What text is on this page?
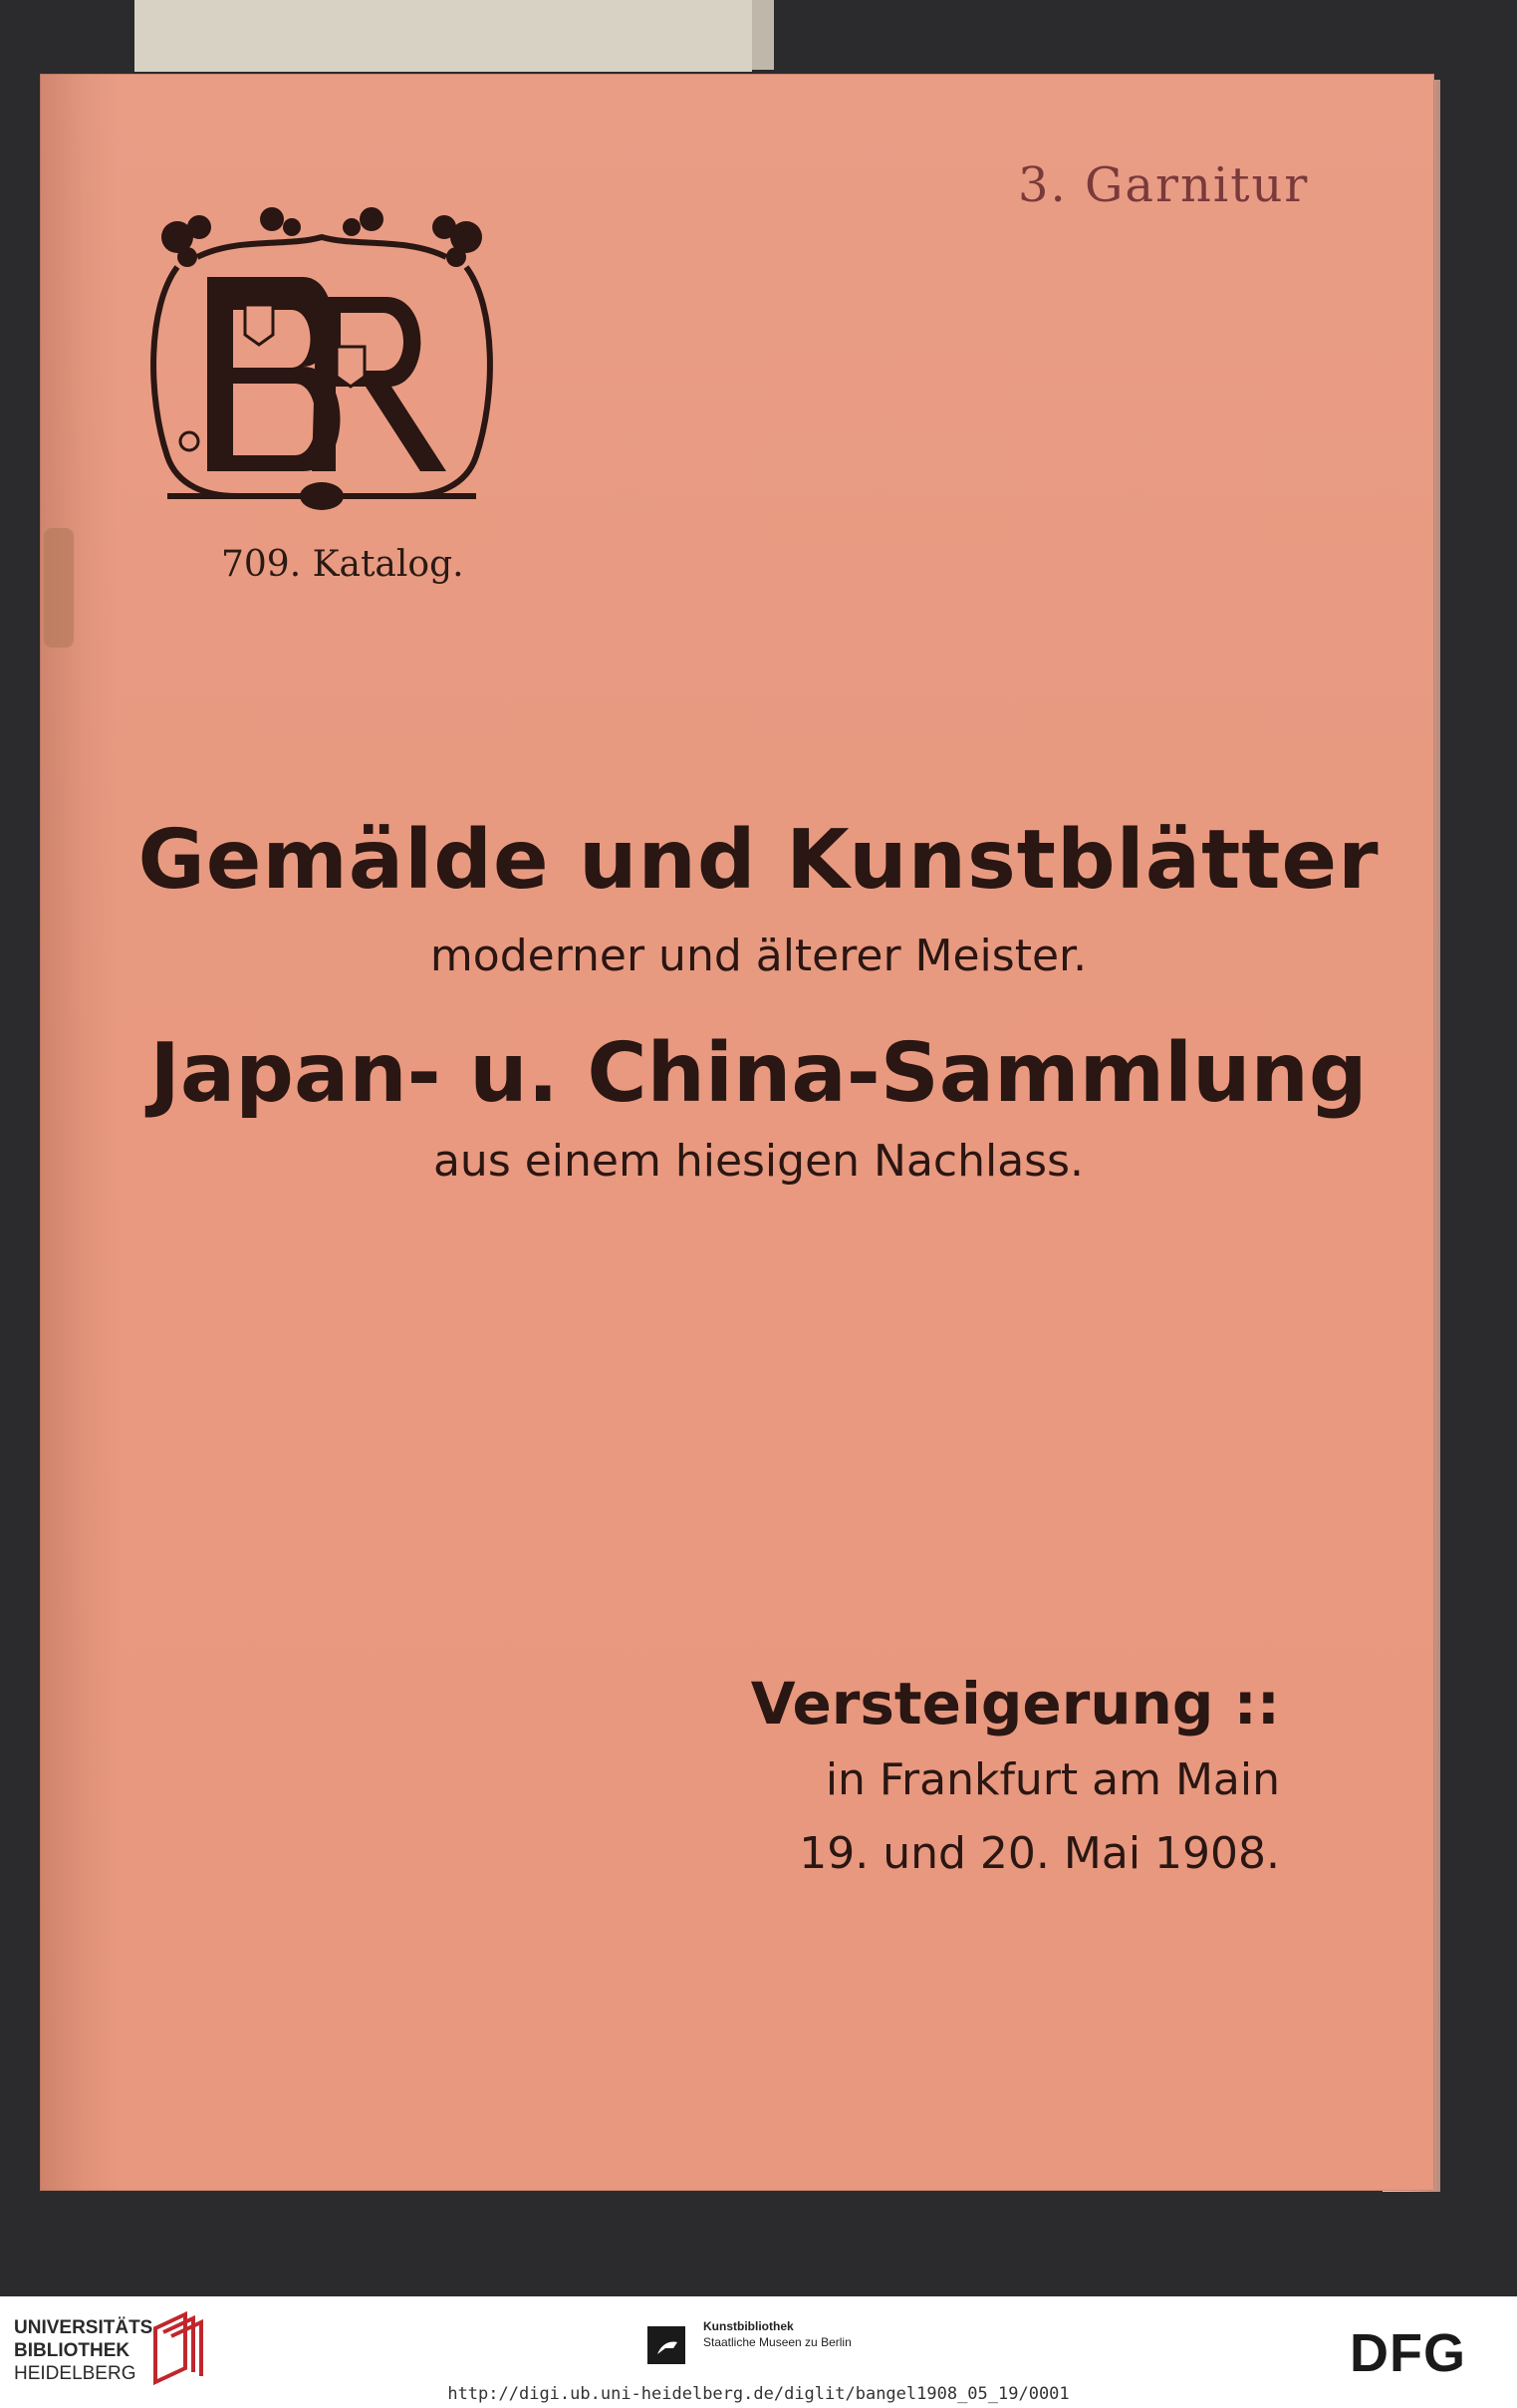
3. Garnitur
709. Katalog.
Gemälde und Kunstblätter
moderner und älterer Meister.
Japan- u. China-Sammlung
aus einem hiesigen Nachlass.
Versteigerung ::
in Frankfurt am Main
19. und 20. Mai 1908.
UNIVERSITÄTS-
BIBLIOTHEK
HEIDELBERG
Kunstbibliothek
Staatliche Museen zu Berlin	DFG
http://digi.ub.uni-heidelberg.de/diglit/bangel1908_05_19/0001
